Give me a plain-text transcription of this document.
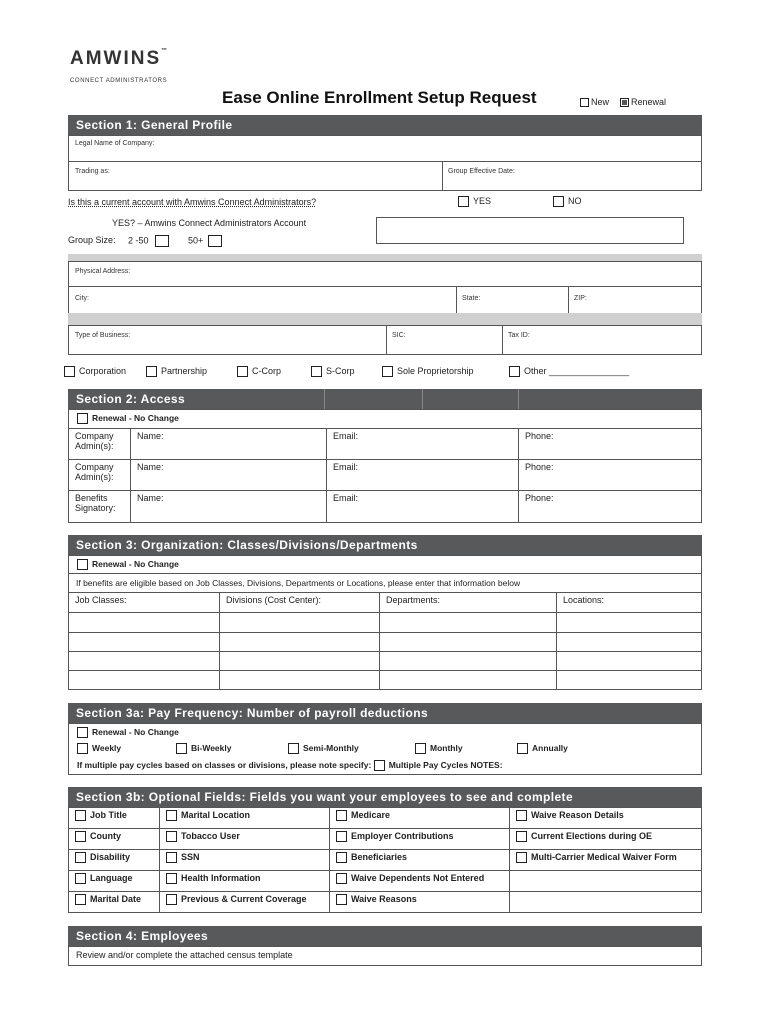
AMWINS™
CONNECT ADMINISTRATORS
Ease Online Enrollment Setup Request	New	Renewal
Section 1: General Profile
Legal Name of Company:
Trading as:	Group Effective Date:
Is this a current account with Amwins Connect Administrators?	YES	NO
YES? – Amwins Connect Administrators Account
Group Size: 2 -50	50+
Physical Address:
City:	State:	ZIP:
Type of Business:	SIC:	Tax ID:
Corporation	Partnership	C-Corp	S-Corp	Sole Proprietorship	Other ________________
Section 2: Access
Renewal - No Change
Company Admin(s):	Name:	Email:	Phone:
Company Admin(s):	Name:	Email:	Phone:
Benefits Signatory:	Name:	Email:	Phone:
Section 3: Organization: Classes/Divisions/Departments
Renewal - No Change
If benefits are eligible based on Job Classes, Divisions, Departments or Locations, please enter that information below
Job Classes:	Divisions (Cost Center):	Departments:	Locations:

Section 3a: Pay Frequency: Number of payroll deductions
Renewal - No Change
Weekly	Bi-Weekly	Semi-Monthly	Monthly	Annually
If multiple pay cycles based on classes or divisions, please note specify: Multiple Pay Cycles NOTES:
Section 3b: Optional Fields: Fields you want your employees to see and complete
Job Title	Marital Location	Medicare	Waive Reason Details
County	Tobacco User	Employer Contributions	Current Elections during OE
Disability	SSN	Beneficiaries	Multi-Carrier Medical Waiver Form
Language	Health Information	Waive Dependents Not Entered	
Marital Date	Previous & Current Coverage	Waive Reasons	
Section 4: Employees
Review and/or complete the attached census template
